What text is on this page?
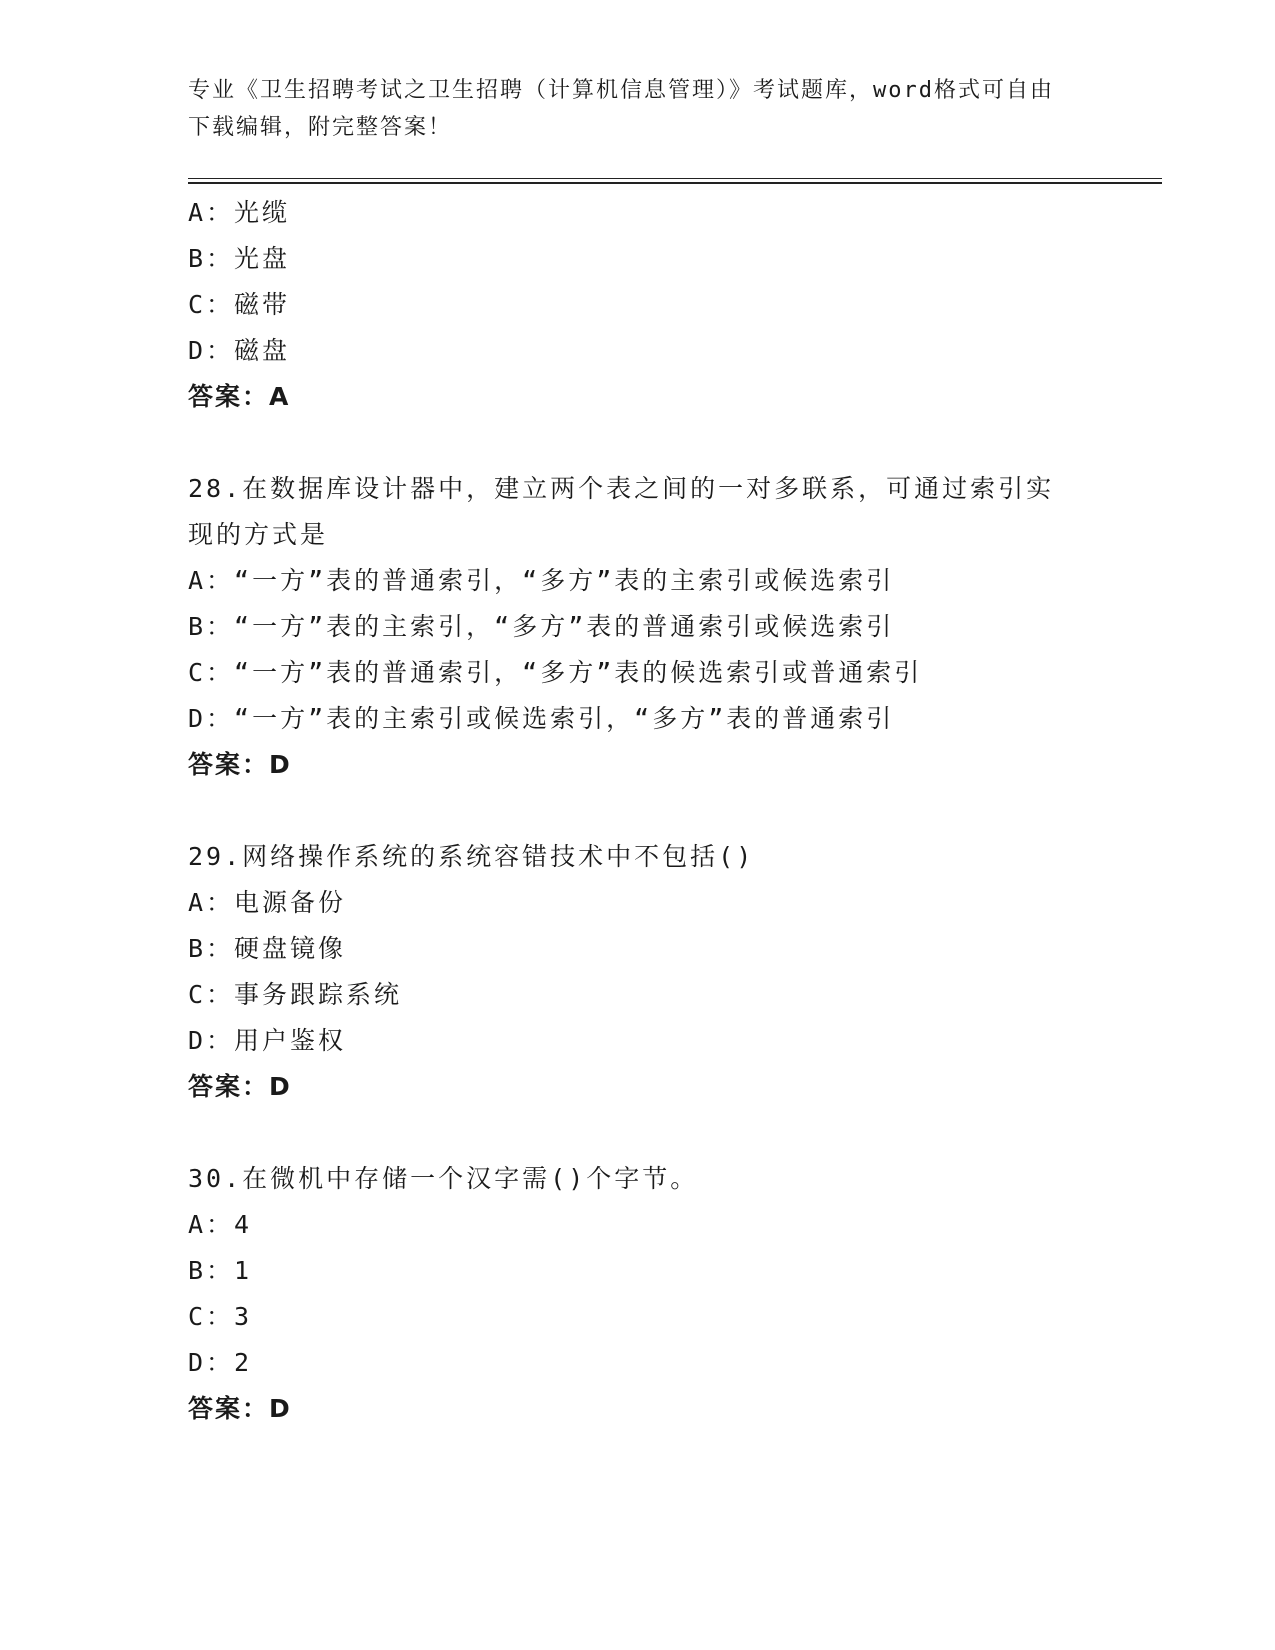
专业《卫生招聘考试之卫生招聘（计算机信息管理）》考试题库，word格式可自由下载编辑，附完整答案！
A：光缆
B：光盘
C：磁带
D：磁盘
答案：A
28.在数据库设计器中，建立两个表之间的一对多联系，可通过索引实
现的方式是
A：“一方”表的普通索引，“多方”表的主索引或候选索引
B：“一方”表的主索引，“多方”表的普通索引或候选索引
C：“一方”表的普通索引，“多方”表的候选索引或普通索引
D：“一方”表的主索引或候选索引，“多方”表的普通索引
答案：D
29.网络操作系统的系统容错技术中不包括()
A：电源备份
B：硬盘镜像
C：事务跟踪系统
D：用户鉴权
答案：D
30.在微机中存储一个汉字需()个字节。
A：4
B：1
C：3
D：2
答案：D
